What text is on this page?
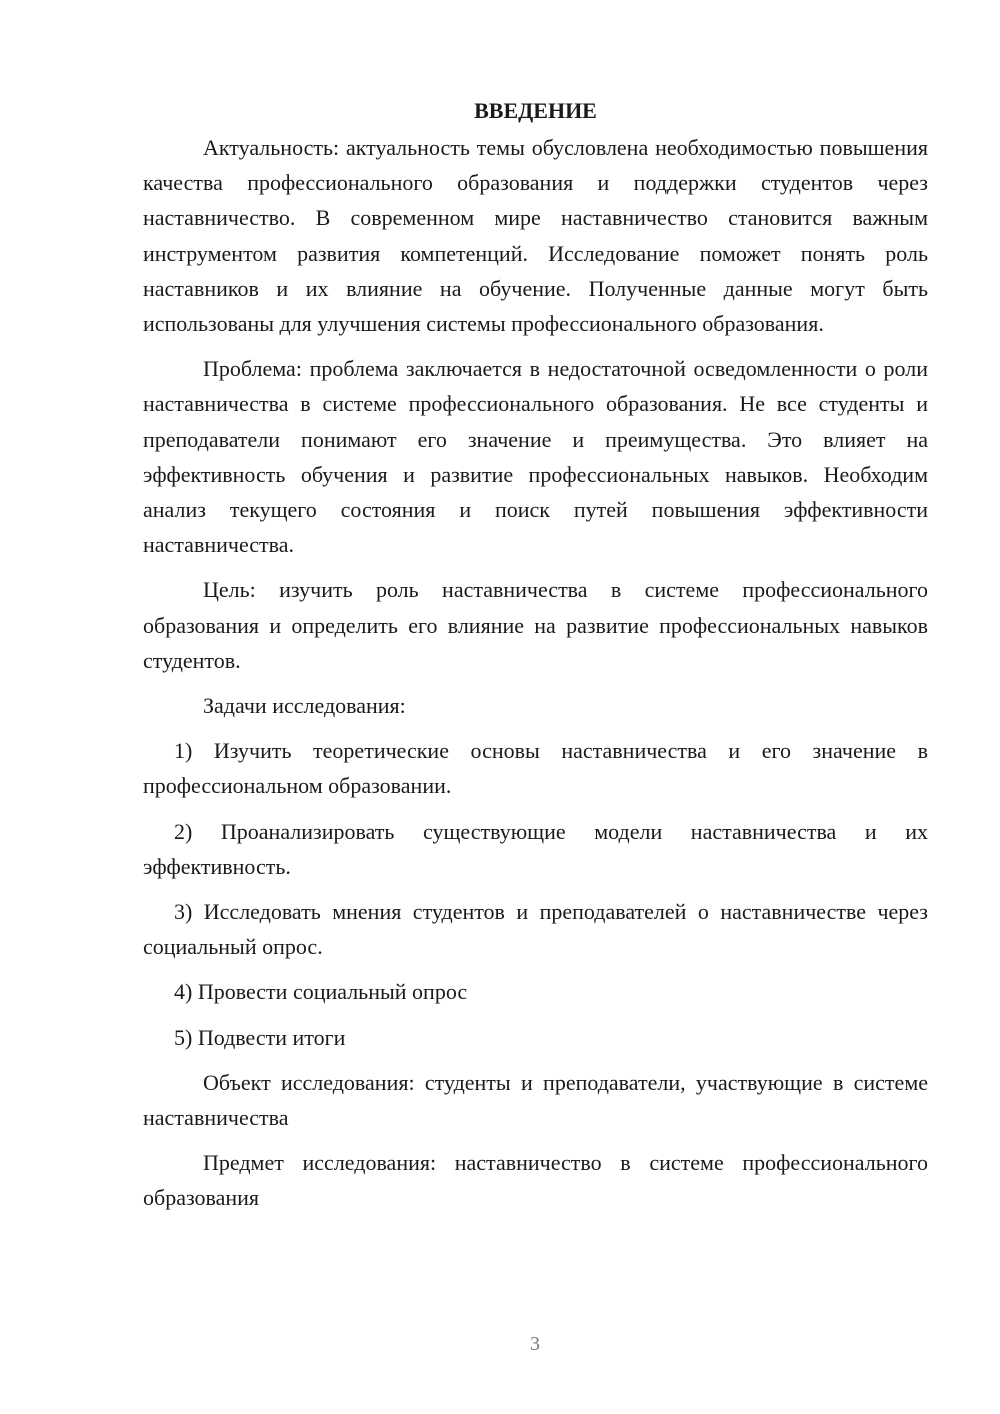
ВВЕДЕНИЕ

Актуальность: актуальность темы обусловлена необходимостью повышения качества профессионального образования и поддержки студентов через наставничество. В современном мире наставничество становится важным инструментом развития компетенций. Исследование поможет понять роль наставников и их влияние на обучение. Полученные данные могут быть использованы для улучшения системы профессионального образования.

Проблема: проблема заключается в недостаточной осведомленности о роли наставничества в системе профессионального образования. Не все студенты и преподаватели понимают его значение и преимущества. Это влияет на эффективность обучения и развитие профессиональных навыков. Необходим анализ текущего состояния и поиск путей повышения эффективности наставничества.

Цель: изучить роль наставничества в системе профессионального образования и определить его влияние на развитие профессиональных навыков студентов.

Задачи исследования:

1) Изучить теоретические основы наставничества и его значение в профессиональном образовании.

2) Проанализировать существующие модели наставничества и их эффективность.

3) Исследовать мнения студентов и преподавателей о наставничестве через социальный опрос.

4) Провести социальный опрос

5) Подвести итоги

Объект исследования: студенты и преподаватели, участвующие в системе наставничества

Предмет исследования: наставничество в системе профессионального образования

3
